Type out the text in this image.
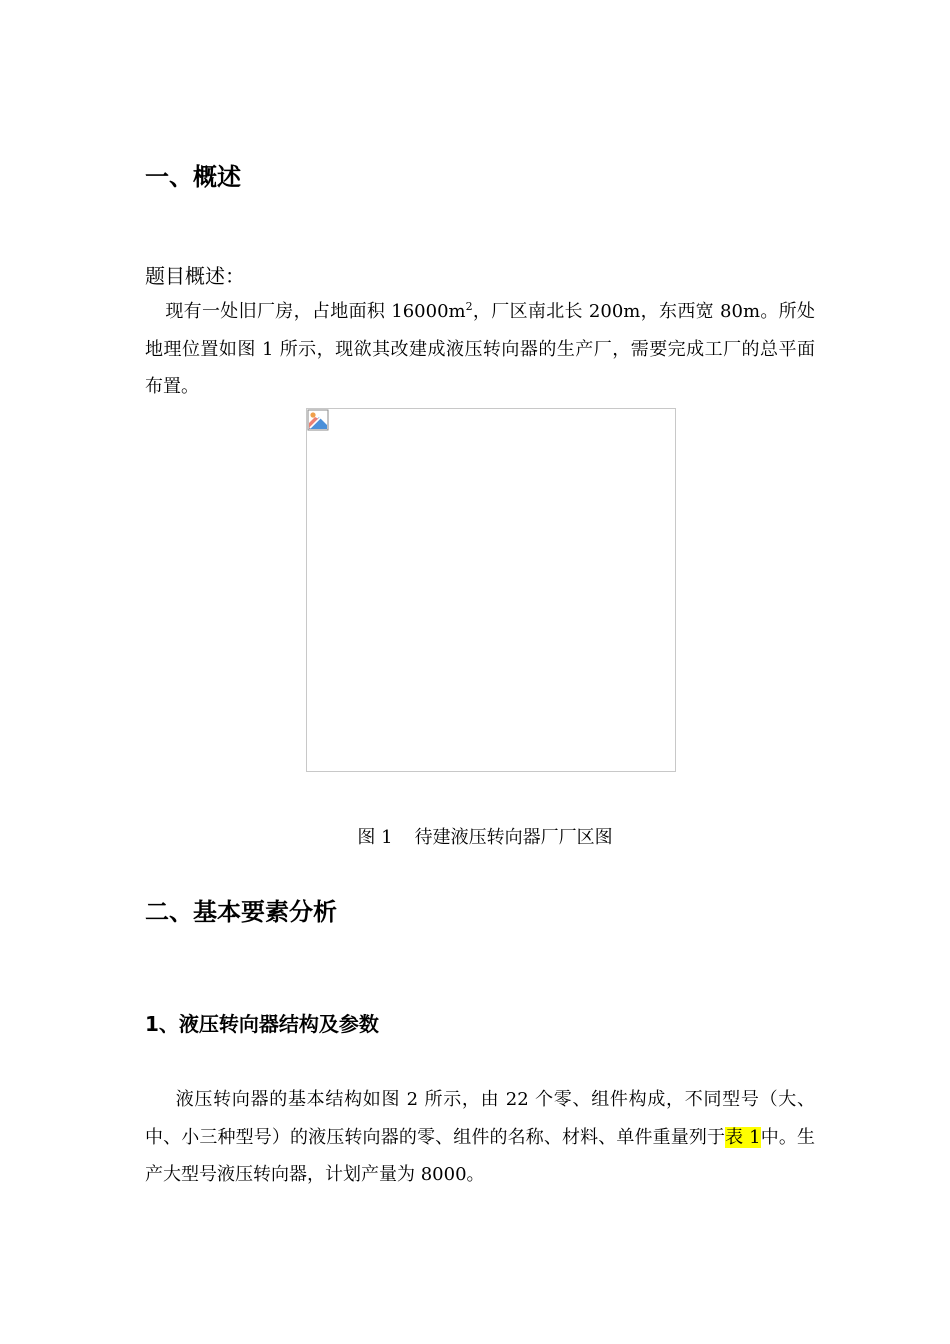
一、概述
题目概述：

现有一处旧厂房，占地面积 $16000m^2$，厂区南北长 200m，东西宽 80m。所处地理位置如图 1 所示，现欲其改建成液压转向器的生产厂，需要完成工厂的总平面布置。

图 1 待建液压转向器厂厂区图

二、基本要素分析
1、液压转向器结构及参数

液压转向器的基本结构如图 2 所示，由 22 个零、组件构成，不同型号（大、中、小三种型号）的液压转向器的零、组件的名称、材料、单件重量列于表 1中。生产大型号液压转向器，计划产量为 8000。
